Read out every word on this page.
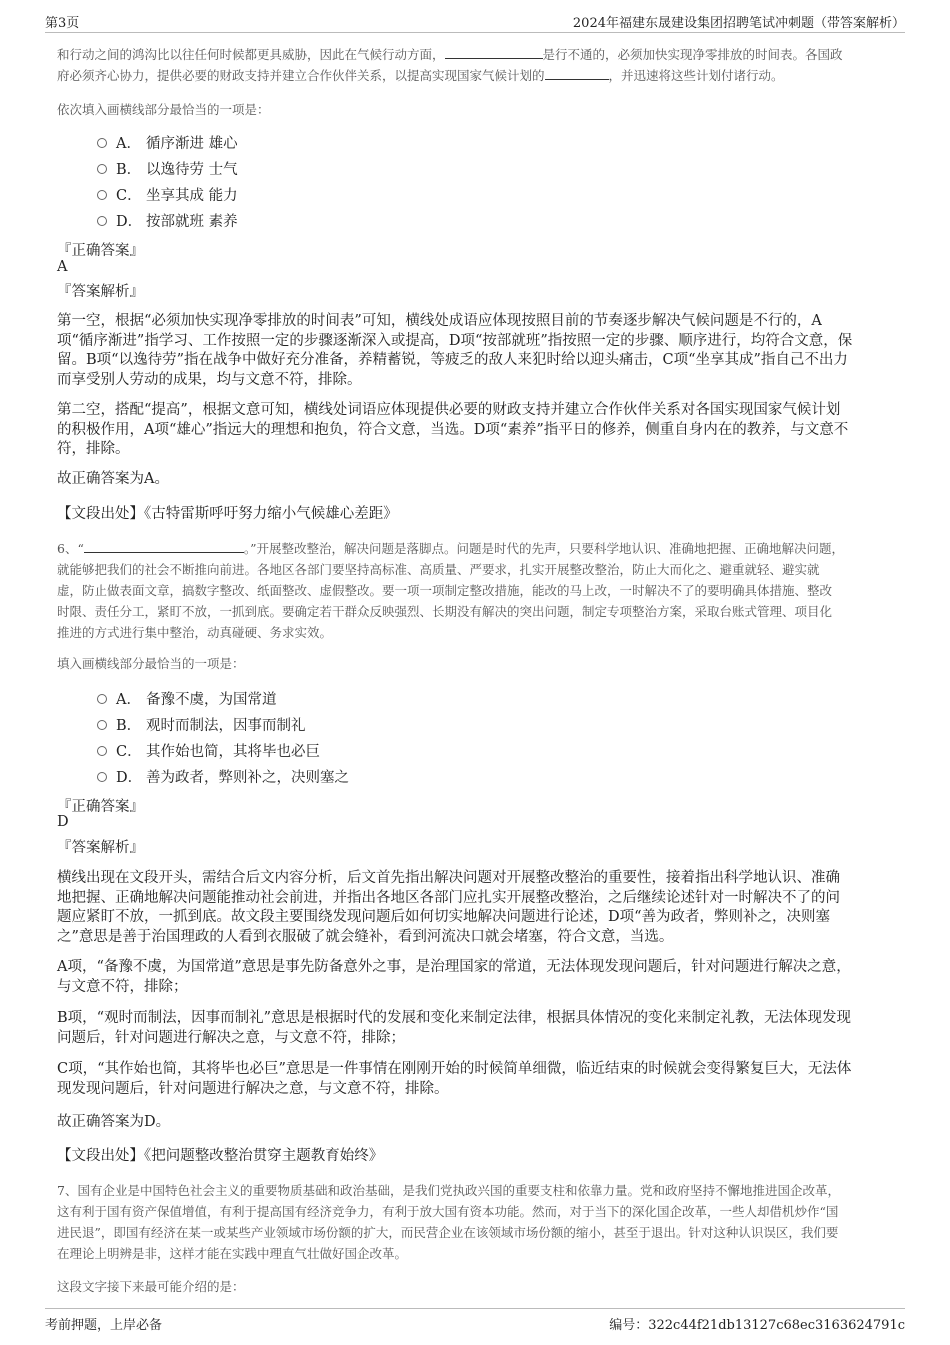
第3页	2024年福建东晟建设集团招聘笔试冲刺题（带答案解析）
和行动之间的鸿沟比以往任何时候都更具威胁，因此在气候行动方面，	是行不通的，必须加快实现净零排放的时间表。各国政
府必须齐心协力，提供必要的财政支持并建立合作伙伴关系，以提高实现国家气候计划的	，并迅速将这些计划付诸行动。
依次填入画横线部分最恰当的一项是：
A． 循序渐进 雄心
B． 以逸待劳 士气
C． 坐享其成 能力
D． 按部就班 素养
『正确答案』
A
『答案解析』
第一空，根据“必须加快实现净零排放的时间表”可知，横线处成语应体现按照目前的节奏逐步解决气候问题是不行的，A
项“循序渐进”指学习、工作按照一定的步骤逐渐深入或提高，D项“按部就班”指按照一定的步骤、顺序进行，均符合文意，保
留。B项“以逸待劳”指在战争中做好充分准备，养精蓄锐，等疲乏的敌人来犯时给以迎头痛击，C项“坐享其成”指自己不出力
而享受别人劳动的成果，均与文意不符，排除。
第二空，搭配“提高”，根据文意可知，横线处词语应体现提供必要的财政支持并建立合作伙伴关系对各国实现国家气候计划
的积极作用，A项“雄心”指远大的理想和抱负，符合文意，当选。D项“素养”指平日的修养，侧重自身内在的教养，与文意不
符，排除。
故正确答案为A。
【文段出处】《古特雷斯呼吁努力缩小气候雄心差距》
6、“	。”开展整改整治，解决问题是落脚点。问题是时代的先声，只要科学地认识、准确地把握、正确地解决问题，
就能够把我们的社会不断推向前进。各地区各部门要坚持高标准、高质量、严要求，扎实开展整改整治，防止大而化之、避重就轻、避实就
虚，防止做表面文章，搞数字整改、纸面整改、虚假整改。要一项一项制定整改措施，能改的马上改，一时解决不了的要明确具体措施、整改
时限、责任分工，紧盯不放，一抓到底。要确定若干群众反映强烈、长期没有解决的突出问题，制定专项整治方案，采取台账式管理、项目化
推进的方式进行集中整治，动真碰硬、务求实效。
填入画横线部分最恰当的一项是：
A． 备豫不虞，为国常道
B． 观时而制法，因事而制礼
C． 其作始也简，其将毕也必巨
D． 善为政者，弊则补之，决则塞之
『正确答案』
D
『答案解析』
横线出现在文段开头，需结合后文内容分析，后文首先指出解决问题对开展整改整治的重要性，接着指出科学地认识、准确
地把握、正确地解决问题能推动社会前进，并指出各地区各部门应扎实开展整改整治，之后继续论述针对一时解决不了的问
题应紧盯不放，一抓到底。故文段主要围绕发现问题后如何切实地解决问题进行论述，D项“善为政者，弊则补之，决则塞
之”意思是善于治国理政的人看到衣服破了就会缝补，看到河流决口就会堵塞，符合文意，当选。
A项，“备豫不虞，为国常道”意思是事先防备意外之事，是治理国家的常道，无法体现发现问题后，针对问题进行解决之意，
与文意不符，排除；
B项，“观时而制法，因事而制礼”意思是根据时代的发展和变化来制定法律，根据具体情况的变化来制定礼教，无法体现发现
问题后，针对问题进行解决之意，与文意不符，排除；
C项，“其作始也简，其将毕也必巨”意思是一件事情在刚刚开始的时候简单细微，临近结束的时候就会变得繁复巨大，无法体
现发现问题后，针对问题进行解决之意，与文意不符，排除。
故正确答案为D。
【文段出处】《把问题整改整治贯穿主题教育始终》
7、国有企业是中国特色社会主义的重要物质基础和政治基础，是我们党执政兴国的重要支柱和依靠力量。党和政府坚持不懈地推进国企改革，
这有利于国有资产保值增值，有利于提高国有经济竞争力，有利于放大国有资本功能。然而，对于当下的深化国企改革，一些人却借机炒作“国
进民退”，即国有经济在某一或某些产业领域市场份额的扩大，而民营企业在该领域市场份额的缩小，甚至于退出。针对这种认识误区，我们要
在理论上明辨是非，这样才能在实践中理直气壮做好国企改革。
这段文字接下来最可能介绍的是：
考前押题，上岸必备	编号：322c44f21db13127c68ec3163624791c
